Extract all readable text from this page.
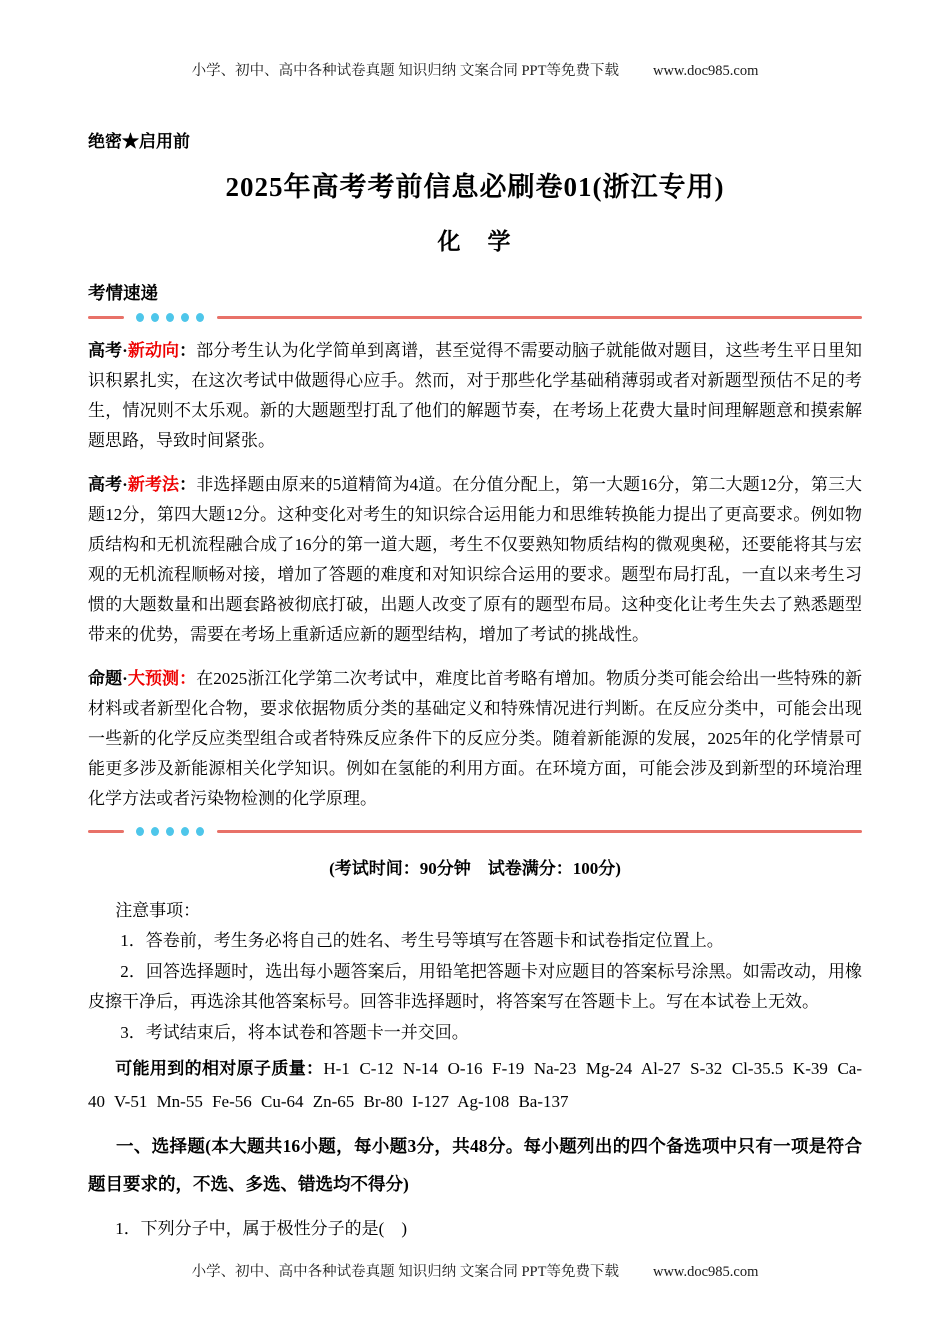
小学、初中、高中各种试卷真题 知识归纳 文案合同 PPT等免费下载 www.doc985.com

绝密★启用前

2025年高考考前信息必刷卷01(浙江专用)
化　学
考情速递

高考·新动向：部分考生认为化学简单到离谱，甚至觉得不需要动脑子就能做对题目，这些考生平日里知识积累扎实，在这次考试中做题得心应手。然而，对于那些化学基础稍薄弱或者对新题型预估不足的考生，情况则不太乐观。新的大题题型打乱了他们的解题节奏，在考场上花费大量时间理解题意和摸索解题思路，导致时间紧张。

高考·新考法：非选择题由原来的5道精简为4道。在分值分配上，第一大题16分，第二大题12分，第三大题12分，第四大题12分。这种变化对考生的知识综合运用能力和思维转换能力提出了更高要求。例如物质结构和无机流程融合成了16分的第一道大题，考生不仅要熟知物质结构的微观奥秘，还要能将其与宏观的无机流程顺畅对接，增加了答题的难度和对知识综合运用的要求。题型布局打乱，一直以来考生习惯的大题数量和出题套路被彻底打破，出题人改变了原有的题型布局。这种变化让考生失去了熟悉题型带来的优势，需要在考场上重新适应新的题型结构，增加了考试的挑战性。

命题·大预测：在2025浙江化学第二次考试中，难度比首考略有增加。物质分类可能会给出一些特殊的新材料或者新型化合物，要求依据物质分类的基础定义和特殊情况进行判断。在反应分类中，可能会出现一些新的化学反应类型组合或者特殊反应条件下的反应分类。随着新能源的发展，2025年的化学情景可能更多涉及新能源相关化学知识。例如在氢能的利用方面。在环境方面，可能会涉及到新型的环境治理化学方法或者污染物检测的化学原理。

(考试时间：90分钟　试卷满分：100分)

注意事项：

1．答卷前，考生务必将自己的姓名、考生号等填写在答题卡和试卷指定位置上。

2．回答选择题时，选出每小题答案后，用铅笔把答题卡对应题目的答案标号涂黑。如需改动，用橡皮擦干净后，再选涂其他答案标号。回答非选择题时，将答案写在答题卡上。写在本试卷上无效。

3．考试结束后，将本试卷和答题卡一并交回。

可能用到的相对原子质量：H-1 C-12 N-14 O-16 F-19 Na-23 Mg-24 Al-27 S-32 Cl-35.5 K-39 Ca-40 V-51 Mn-55 Fe-56 Cu-64 Zn-65 Br-80 I-127 Ag-108 Ba-137

一、选择题(本大题共16小题，每小题3分，共48分。每小题列出的四个备选项中只有一项是符合题目要求的，不选、多选、错选均不得分)

1．下列分子中，属于极性分子的是(　)

小学、初中、高中各种试卷真题 知识归纳 文案合同 PPT等免费下载 www.doc985.com
